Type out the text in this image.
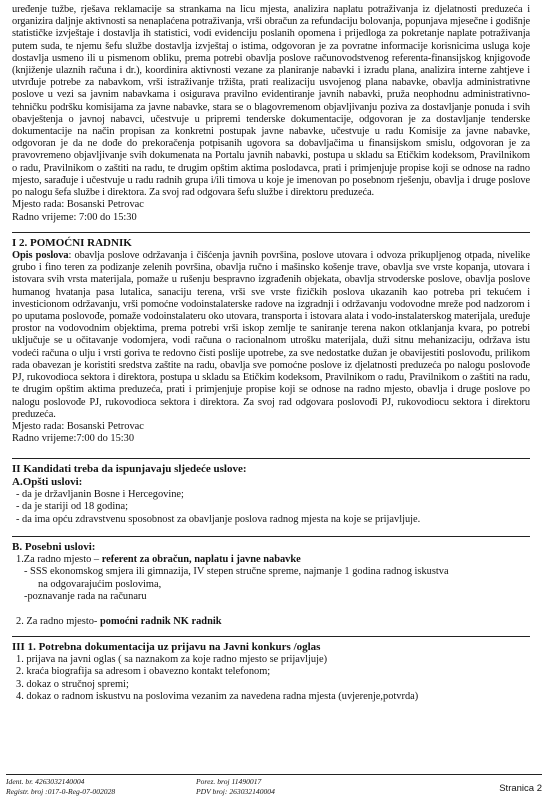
uređenje tužbe, rješava reklamacije sa strankama na licu mjesta, analizira naplatu potraživanja iz djelatnosti preduzeća i organizira daljnje aktivnosti sa nenaplaćena potraživanja, vrši obračun za refundaciju bolovanja, popunjava mjesečne i godišnje statističke izvještaje i dostavlja ih statistici, vodi evidenciju poslanih opomena i prijedloga za pokretanje naplate potraživanja putem suda, te njemu šefu službe dostavlja izvještaj o istima, odgovoran je za povratne informacije korisnicima usluga koje dostavlja usmeno ili u pismenom obliku, prema potrebi obavlja poslove računovodstvenog referenta-finansijskog knjigovođe (knjiženje ulaznih računa i dr.), koordinira aktivnosti vezane za planiranje nabavki i izradu plana, analizira interne zahtjeve i utvrđuje potrebe za nabavkom, vrši istraživanje tržišta, prati realizaciju usvojenog plana nabavke, obavlja administrativne poslove u vezi sa javnim nabavkama i osigurava pravilno evidentiranje javnih nabavki, pruža neophodnu administrativno-tehničku podršku komisijama za javne nabavke, stara se o blagovremenom objavljivanju poziva za dostavljanje ponuda i svih obavještenja o javnoj nabavci, učestvuje u pripremi tenderske dokumentacije, odgovoran je za dostavljanje tenderske dokumentacije na način propisan za konkretni postupak javne nabavke, učestvuje u radu Komisije za javne nabavke, odgovoran je da ne dođe do prekoračenja potpisanih ugovora sa dobavljačima u finansijskom smislu, odgovoran je za pravovremeno objavljivanje svih dokumenata na Portalu javnih nabavki, postupa u skladu sa Etičkim kodeksom, Pravilnikom o radu, Pravilnikom o zaštiti na radu, te drugim opštim aktima poslodavca, prati i primjenjuje propise koji se odnose na radno mjesto, sarađuje i učestvuje u radu radnih grupa i/ili timova u koje je imenovan po posebnom rješenju, obavlja i druge poslove po nalogu šefa službe i direktora. Za svoj rad odgovara šefu službe i direktoru preduzeća.

Mjesto rada: Bosanski Petrovac

Radno vrijeme: 7:00 do 15:30

I 2. POMOĆNI RADNIK

Opis poslova: obavlja poslove održavanja i čišćenja javnih površina, poslove utovara i odvoza prikupljenog otpada, nivelike grubo i fino teren za podizanje zelenih površina, obavlja ručno i mašinsko košenje trave, obavlja sve vrste kopanja, utovara i istovara svih vrsta materijala, pomaže u rušenju bespravno izgrađenih objekata, obavlja strvoderske poslove, obavlja poslove humanog hvatanja pasa lutalica, sanaciju terena, vrši sve vrste fizičkih poslova ukazanih kao potreba pri tekućem i investicionom održavanju, vrši pomoćne vodoinstalaterske radove na izgradnji i održavanju vodovodne mreže pod nadzorom i po uputama poslovođe, pomaže vodoinstalateru oko utovara, transporta i istovara alata i vodo-instalaterskog materijala, uređuje prostor na vodovodnim objektima, prema potrebi vrši iskop zemlje te saniranje terena nakon otklanjanja kvara, po potrebi uključuje se u očitavanje vodomjera, vodi računa o racionalnom utrošku materijala, duži sitnu mehanizaciju, održava istu vodeći računa o ulju i vrsti goriva te redovno čisti poslije upotrebe, za sve nedostatke dužan je obavijestiti poslovođu, prilikom rada obavezan je koristiti sredstva zaštite na radu, obavlja sve pomoćne poslove iz djelatnosti preduzeća po nalogu poslovođe PJ, rukovodioca sektora i direktora, postupa u skladu sa Etičkim kodeksom, Pravilnikom o radu, Pravilnikom o zaštiti na radu, te drugim opštim aktima preduzeća, prati i primjenjuje propise koji se odnose na radno mjesto, obavlja i druge poslove po nalogu poslovođe PJ, rukovodioca sektora i direktora. Za svoj rad odgovara poslovođi PJ, rukovodiocu sektora i direktoru preduzeća.

Mjesto rada: Bosanski Petrovac

Radno vrijeme:7:00 do 15:30

II Kandidati treba da ispunjavaju sljedeće uslove:

A.Opšti uslovi:

- da je državljanin Bosne i Hercegovine;

- da je stariji od 18 godina;

- da ima opću zdravstvenu sposobnost za obavljanje poslova radnog mjesta na koje se prijavljuje.

B. Posebni uslovi:

1.Za radno mjesto – referent za obračun, naplatu i javne nabavke

- SSS ekonomskog smjera ili gimnazija, IV stepen stručne spreme, najmanje 1 godina radnog iskustva

na odgovarajućim poslovima,

-poznavanje rada na računaru

2. Za radno mjesto- pomoćni radnik NK radnik

III 1. Potrebna dokumentacija uz prijavu na Javni konkurs /oglas

1. prijava na javni oglas ( sa naznakom za koje radno mjesto se prijavljuje)

2. kraća biografija sa adresom i obavezno kontakt telefonom;

3. dokaz o stručnoj spremi;

4. dokaz o radnom iskustvu na poslovima vezanim za navedena radna mjesta (uvjerenje,potvrda)

Ident. br. 4263032140004	Porez. broj 11490017
Registr. broj :017-0-Reg-07-002028	PDV broj: 263032140004	Stranica 2
